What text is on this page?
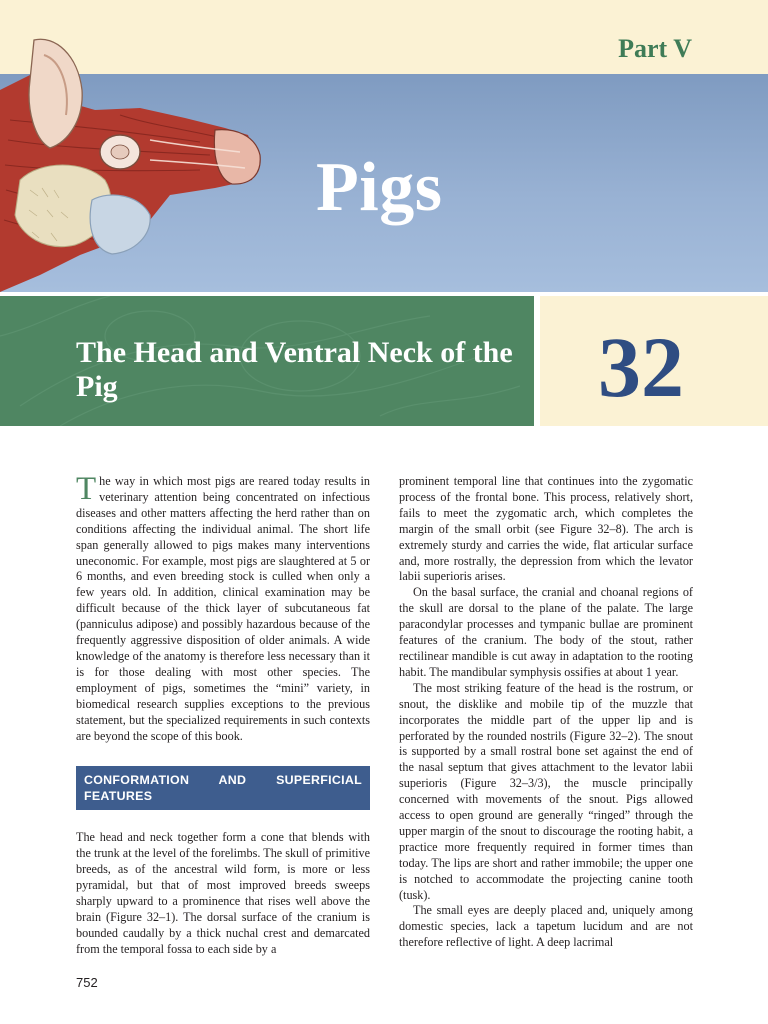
Part V
Pigs
The Head and Ventral Neck of the Pig	32

The way in which most pigs are reared today results in veterinary attention being concentrated on infectious diseases and other matters affecting the herd rather than on conditions affecting the individual animal. The short life span generally allowed to pigs makes many interventions uneconomic. For example, most pigs are slaughtered at 5 or 6 months, and even breeding stock is culled when only a few years old. In addition, clinical examination may be difficult because of the thick layer of subcutaneous fat (panniculus adipose) and possibly hazardous because of the frequently aggressive disposition of older animals. A wide knowledge of the anatomy is therefore less necessary than it is for those dealing with most other species. The employment of pigs, sometimes the “mini” variety, in biomedical research supplies exceptions to the previous statement, but the specialized requirements in such contexts are beyond the scope of this book.

CONFORMATION AND SUPERFICIAL FEATURES

The head and neck together form a cone that blends with the trunk at the level of the forelimbs. The skull of primitive breeds, as of the ancestral wild form, is more or less pyramidal, but that of most improved breeds sweeps sharply upward to a prominence that rises well above the brain (Figure 32–1). The dorsal surface of the cranium is bounded caudally by a thick nuchal crest and demarcated from the temporal fossa to each side by a

prominent temporal line that continues into the zygomatic process of the frontal bone. This process, relatively short, fails to meet the zygomatic arch, which completes the margin of the small orbit (see Figure 32–8). The arch is extremely sturdy and carries the wide, flat articular surface and, more rostrally, the depression from which the levator labii superioris arises.

On the basal surface, the cranial and choanal regions of the skull are dorsal to the plane of the palate. The large paracondylar processes and tympanic bullae are prominent features of the cranium. The body of the stout, rather rectilinear mandible is cut away in adaptation to the rooting habit. The mandibular symphysis ossifies at about 1 year.

The most striking feature of the head is the rostrum, or snout, the disklike and mobile tip of the muzzle that incorporates the middle part of the upper lip and is perforated by the rounded nostrils (Figure 32–2). The snout is supported by a small rostral bone set against the end of the nasal septum that gives attachment to the levator labii superioris (Figure 32–3/3), the muscle principally concerned with movements of the snout. Pigs allowed access to open ground are generally “ringed” through the upper margin of the snout to discourage the rooting habit, a practice more frequently required in former times than today. The lips are short and rather immobile; the upper one is notched to accommodate the projecting canine tooth (tusk).

The small eyes are deeply placed and, uniquely among domestic species, lack a tapetum lucidum and are not therefore reflective of light. A deep lacrimal

752
